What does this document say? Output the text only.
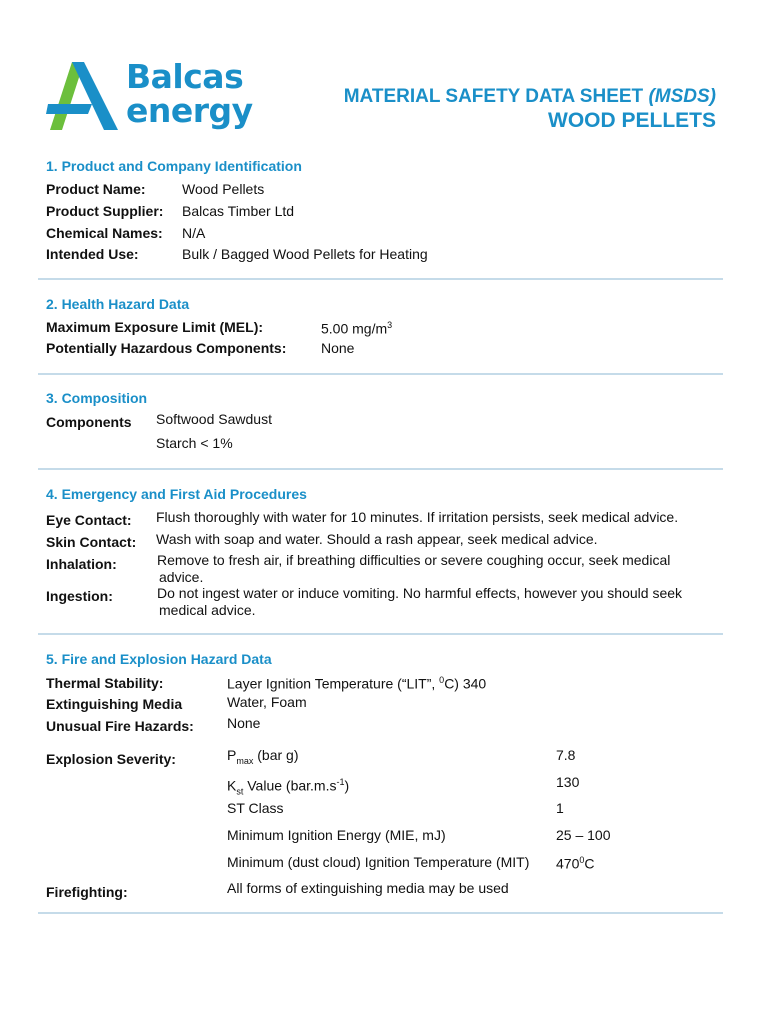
Balcas
energy	MATERIAL SAFETY DATA SHEET (MSDS)
WOOD PELLETS
1. Product and Company Identification
Product Name:	Wood Pellets
Product Supplier: Balcas Timber Ltd
Chemical Names: N/A
Intended Use:	Bulk / Bagged Wood Pellets for Heating
2. Health Hazard Data
Maximum Exposure Limit (MEL):	5.00 $mg/m^3$
Potentially Hazardous Components: None
3. Composition
Components Softwood Sawdust
Starch < 1%
4. Emergency and First Aid Procedures
Eye Contact: Flush thoroughly with water for 10 minutes. If irritation persists, seek medical advice.
Skin Contact: Wash with soap and water. Should a rash appear, seek medical advice.
Inhalation:	Remove to fresh air, if breathing difficulties or severe coughing occur, seek medical
advice.
Ingestion:	Do not ingest water or induce vomiting. No harmful effects, however you should seek
medical advice.
5. Fire and Explosion Hazard Data
Thermal Stability:	Layer Ignition Temperature (“LIT”, $^0$C) 340
Extinguishing Media	Water, Foam
Unusual Fire Hazards: None
Explosion Severity:	$P_{max}$ (bar g)	7.8
$K_{st}$ Value $(bar.m.s^{-1})$	130
ST Class	1
Minimum Ignition Energy (MIE, mJ)	25 – 100
Minimum (dust cloud) Ignition Temperature (MIT) $470^0C$
Firefighting:	All forms of extinguishing media may be used
